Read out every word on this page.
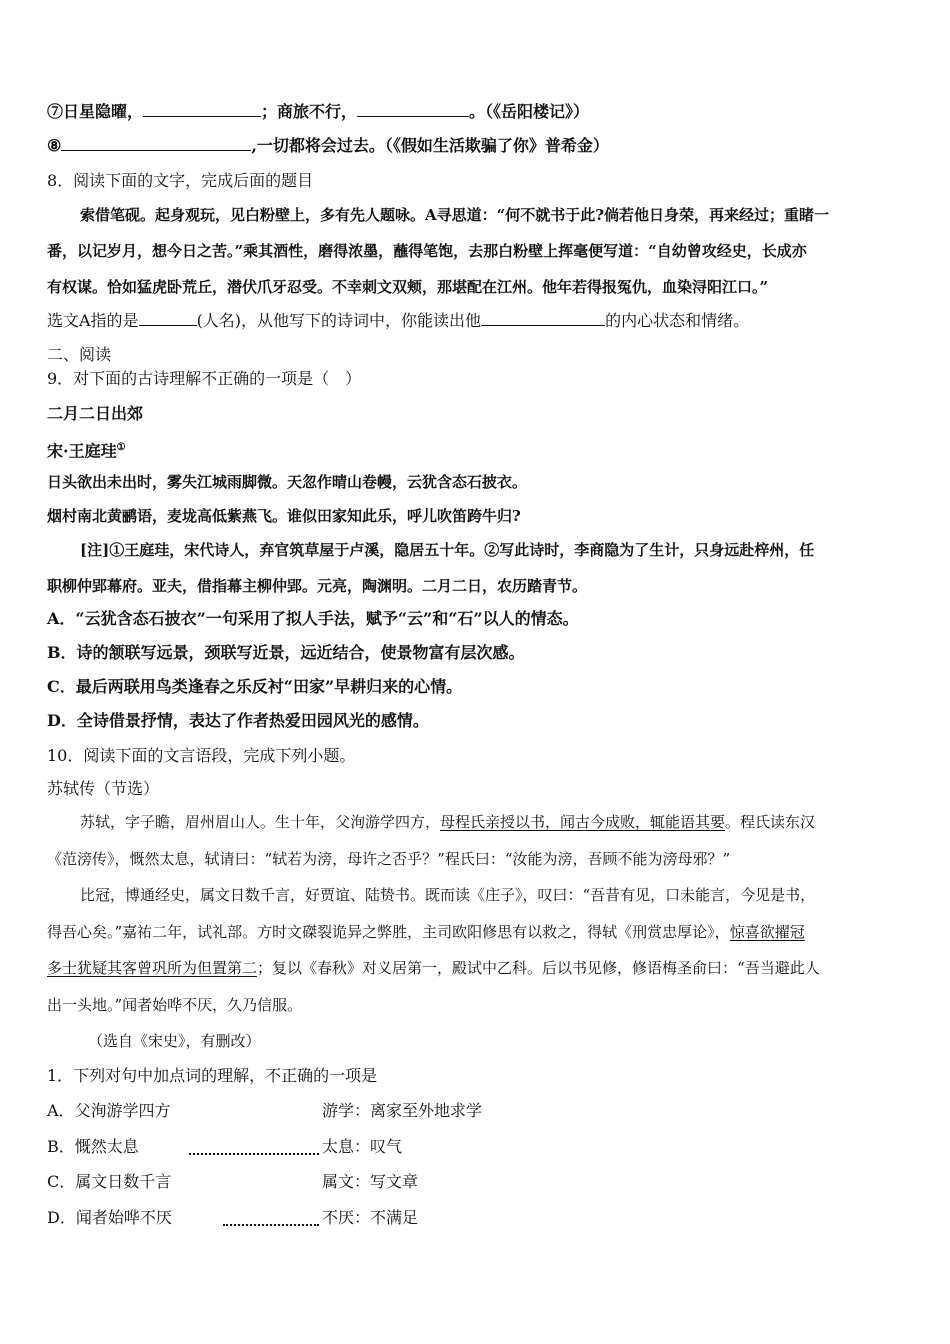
⑦日星隐曜，	；商旅不行，	。（《岳阳楼记》）
⑧	,一切都将会过去。（《假如生活欺骗了你》普希金）
8．阅读下面的文字，完成后面的题目
索借笔砚。起身观玩，见白粉壁上，多有先人题咏。A寻思道：“何不就书于此?倘若他日身荣，再来经过；重睹一
番，以记岁月，想今日之苦。”乘其酒性，磨得浓墨，蘸得笔饱，去那白粉壁上挥毫便写道：“自幼曾攻经史，长成亦
有权谋。恰如猛虎卧荒丘，潜伏爪牙忍受。不幸刺文双颊，那堪配在江州。他年若得报冤仇，血染浔阳江口。”
选文A指的是	(人名)，从他写下的诗词中，你能读出他	的内心状态和情绪。
二、阅读
9．对下面的古诗理解不正确的一项是（　）
二月二日出郊
宋·王庭珪①
日头欲出未出时，雾失江城雨脚微。天忽作晴山卷幔，云犹含态石披衣。
烟村南北黄鹂语，麦垅高低紫燕飞。谁似田家知此乐，呼儿吹笛跨牛归?
[注]①王庭珪，宋代诗人，弃官筑草屋于卢溪，隐居五十年。②写此诗时，李商隐为了生计，只身远赴梓州，任
职柳仲郢幕府。亚夫，借指幕主柳仲郢。元亮，陶渊明。二月二日，农历踏青节。
A．“云犹含态石披衣”一句采用了拟人手法，赋予“云”和“石”以人的情态。
B．诗的颔联写远景，颈联写近景，远近结合，使景物富有层次感。
C．最后两联用鸟类逢春之乐反衬“田家”早耕归来的心情。
D．全诗借景抒情，表达了作者热爱田园风光的感情。
10．阅读下面的文言语段，完成下列小题。
苏轼传（节选）
苏轼，字子瞻，眉州眉山人。生十年，父洵游学四方，母程氏亲授以书，闻古今成败，辄能语其要。程氏读东汉
《范滂传》，慨然太息，轼请曰：“轼若为滂，母许之否乎？”程氏曰：“汝能为滂，吾顾不能为滂母邪？”
比冠，博通经史，属文日数千言，好贾谊、陆贽书。既而读《庄子》，叹曰：“吾昔有见，口未能言，今见是书，
得吾心矣。”嘉祐二年，试礼部。方时文磔裂诡异之弊胜，主司欧阳修思有以救之，得轼《刑赏忠厚论》，惊喜欲擢冠
多士犹疑其客曾巩所为但置第二；复以《春秋》对义居第一，殿试中乙科。后以书见修，修语梅圣俞曰：“吾当避此人
出一头地。”闻者始哗不厌，久乃信服。
（选自《宋史》，有删改）
1．下列对句中加点词的理解，不正确的一项是
A．父洵游学四方	游学：离家至外地求学
B．慨然太息	太息：叹气
C．属文日数千言	属文：写文章
D．闻者始哗不厌	不厌：不满足
